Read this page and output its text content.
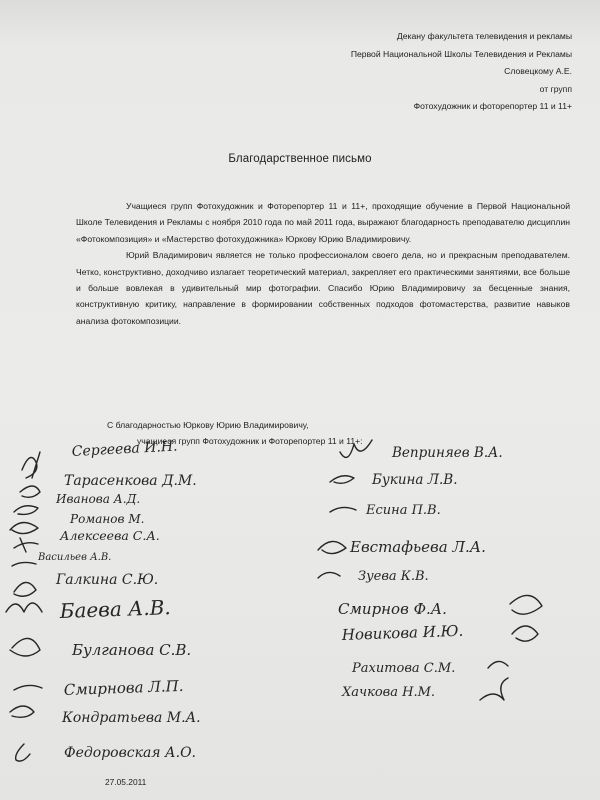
Декану факультета телевидения и рекламы
Первой Национальной Школы Телевидения и Рекламы
Словецкому А.Е.
от групп
Фотохудожник и фоторепортер 11 и 11+
Благодарственное письмо

Учащиеся групп Фотохудожник и Фоторепортер 11 и 11+, проходящие обучение в Первой Национальной Школе Телевидения и Рекламы с ноября 2010 года по май 2011 года, выражают благодарность преподавателю дисциплин «Фотокомпозиция» и «Мастерство фотохудожника» Юркову Юрию Владимировичу.

Юрий Владимирович является не только профессионалом своего дела, но и прекрасным преподавателем. Четко, конструктивно, доходчиво излагает теоретический материал, закрепляет его практическими занятиями, все больше и больше вовлекая в удивительный мир фотографии. Спасибо Юрию Владимировичу за бесценные знания, конструктивную критику, направление в формировании собственных подходов фотомастерства, развитие навыков анализа фотокомпозиции.

С благодарностью Юркову Юрию Владимировичу,
учащиеся групп Фотохудожник и Фоторепортер 11 и 11+:
Сергеева И.Н.
Тарасенкова Д.М.
Иванова А.Д.
Романов М.
Алексеева С.А.
Васильев А.В.
Галкина С.Ю.
Баева А.В.
Булганова С.В.
Смирнова Л.П.
Кондратьева М.А.
Федоровская А.О.
Веприняев В.А.
Букина Л.В.
Есина П.В.
Евстафьева Л.А.
Зуева К.В.
Смирнов Ф.А.
Новикова И.Ю.
Рахитова С.М.
Хачкова Н.М.
27.05.2011
